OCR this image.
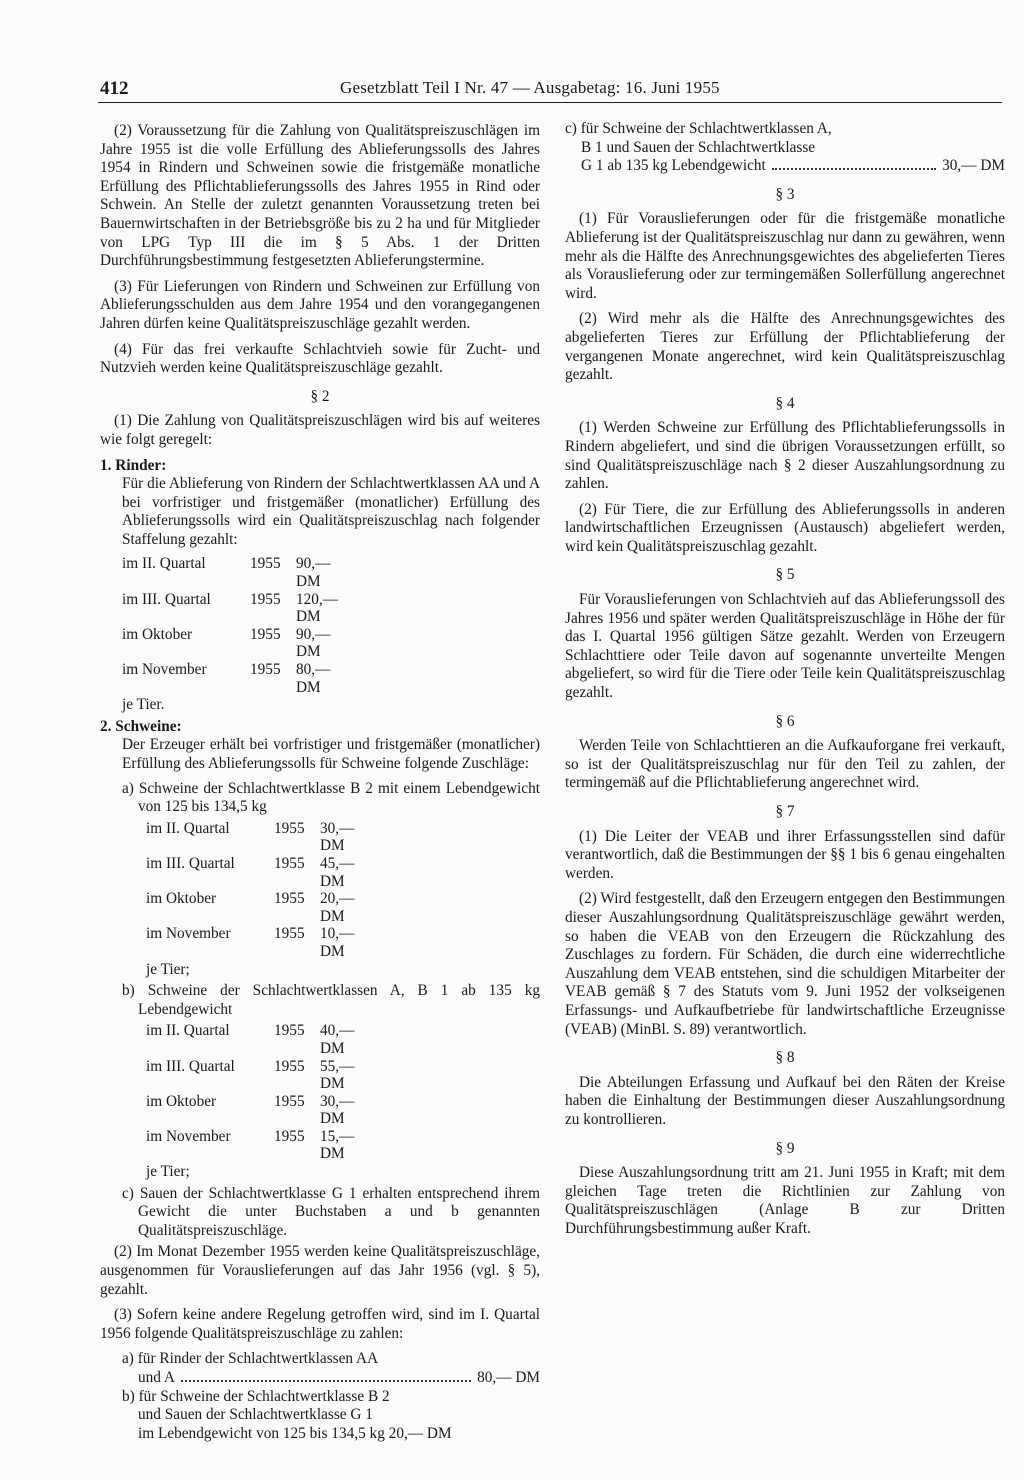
412	Gesetzblatt Teil I Nr. 47 — Ausgabetag: 16. Juni 1955

(2) Voraussetzung für die Zahlung von Qualitätspreiszuschlägen im Jahre 1955 ist die volle Erfüllung des Ablieferungssolls des Jahres 1954 in Rindern und Schweinen sowie die fristgemäße monatliche Erfüllung des Pflichtablieferungssolls des Jahres 1955 in Rind oder Schwein. An Stelle der zuletzt genannten Voraussetzung treten bei Bauernwirtschaften in der Betriebsgröße bis zu 2 ha und für Mitglieder von LPG Typ III die im § 5 Abs. 1 der Dritten Durchführungsbestimmung festgesetzten Ablieferungstermine.

(3) Für Lieferungen von Rindern und Schweinen zur Erfüllung von Ablieferungsschulden aus dem Jahre 1954 und den vorangegangenen Jahren dürfen keine Qualitätspreiszuschläge gezahlt werden.

(4) Für das frei verkaufte Schlachtvieh sowie für Zucht- und Nutzvieh werden keine Qualitätspreiszuschläge gezahlt.

§ 2

(1) Die Zahlung von Qualitätspreiszuschlägen wird bis auf weiteres wie folgt geregelt:

1. Rinder:
Für die Ablieferung von Rindern der Schlachtwertklassen AA und A bei vorfristiger und fristgemäßer (monatlicher) Erfüllung des Ablieferungssolls wird ein Qualitätspreiszuschlag nach folgender Staffelung gezahlt:
im II. Quartal	1955	90,— DM
im III. Quartal	1955	120,— DM
im Oktober	1955	90,— DM
im November	1955	80,— DM
je Tier.		
2. Schweine:
Der Erzeuger erhält bei vorfristiger und fristgemäßer (monatlicher) Erfüllung des Ablieferungssolls für Schweine folgende Zuschläge:
a) Schweine der Schlachtwertklasse B 2 mit einem Lebendgewicht von 125 bis 134,5 kg
im II. Quartal	1955	30,— DM
im III. Quartal	1955	45,— DM
im Oktober	1955	20,— DM
im November	1955	10,— DM
je Tier;		
b) Schweine der Schlachtwertklassen A, B 1 ab 135 kg Lebendgewicht
im II. Quartal	1955	40,— DM
im III. Quartal	1955	55,— DM
im Oktober	1955	30,— DM
im November	1955	15,— DM
je Tier;		
c) Sauen der Schlachtwertklasse G 1 erhalten entsprechend ihrem Gewicht die unter Buchstaben a und b genannten Qualitätspreiszuschläge.

(2) Im Monat Dezember 1955 werden keine Qualitätspreiszuschläge, ausgenommen für Vorauslieferungen auf das Jahr 1956 (vgl. § 5), gezahlt.

(3) Sofern keine andere Regelung getroffen wird, sind im I. Quartal 1956 folgende Qualitätspreiszuschläge zu zahlen:

a) für Rinder der Schlachtwertklassen AA
und A	80,— DM
b) für Schweine der Schlachtwertklasse B 2
und Sauen der Schlachtwertklasse G 1
im Lebendgewicht von 125 bis 134,5 kg 20,— DM
c) für Schweine der Schlachtwertklassen A,
B 1 und Sauen der Schlachtwertklasse
G 1 ab 135 kg Lebendgewicht	30,— DM
§ 3

(1) Für Vorauslieferungen oder für die fristgemäße monatliche Ablieferung ist der Qualitätspreiszuschlag nur dann zu gewähren, wenn mehr als die Hälfte des Anrechnungsgewichtes des abgelieferten Tieres als Vorauslieferung oder zur termingemäßen Sollerfüllung angerechnet wird.

(2) Wird mehr als die Hälfte des Anrechnungsgewichtes des abgelieferten Tieres zur Erfüllung der Pflichtablieferung der vergangenen Monate angerechnet, wird kein Qualitätspreiszuschlag gezahlt.

§ 4

(1) Werden Schweine zur Erfüllung des Pflichtablieferungssolls in Rindern abgeliefert, und sind die übrigen Voraussetzungen erfüllt, so sind Qualitätspreiszuschläge nach § 2 dieser Auszahlungsordnung zu zahlen.

(2) Für Tiere, die zur Erfüllung des Ablieferungssolls in anderen landwirtschaftlichen Erzeugnissen (Austausch) abgeliefert werden, wird kein Qualitätspreiszuschlag gezahlt.

§ 5

Für Vorauslieferungen von Schlachtvieh auf das Ablieferungssoll des Jahres 1956 und später werden Qualitätspreiszuschläge in Höhe der für das I. Quartal 1956 gültigen Sätze gezahlt. Werden von Erzeugern Schlachttiere oder Teile davon auf sogenannte unverteilte Mengen abgeliefert, so wird für die Tiere oder Teile kein Qualitätspreiszuschlag gezahlt.

§ 6

Werden Teile von Schlachttieren an die Aufkauforgane frei verkauft, so ist der Qualitätspreiszuschlag nur für den Teil zu zahlen, der termingemäß auf die Pflichtablieferung angerechnet wird.

§ 7

(1) Die Leiter der VEAB und ihrer Erfassungsstellen sind dafür verantwortlich, daß die Bestimmungen der §§ 1 bis 6 genau eingehalten werden.

(2) Wird festgestellt, daß den Erzeugern entgegen den Bestimmungen dieser Auszahlungsordnung Qualitätspreiszuschläge gewährt werden, so haben die VEAB von den Erzeugern die Rückzahlung des Zuschlages zu fordern. Für Schäden, die durch eine widerrechtliche Auszahlung dem VEAB entstehen, sind die schuldigen Mitarbeiter der VEAB gemäß § 7 des Statuts vom 9. Juni 1952 der volkseigenen Erfassungs- und Aufkaufbetriebe für landwirtschaftliche Erzeugnisse (VEAB) (MinBl. S. 89) verantwortlich.

§ 8

Die Abteilungen Erfassung und Aufkauf bei den Räten der Kreise haben die Einhaltung der Bestimmungen dieser Auszahlungsordnung zu kontrollieren.

§ 9

Diese Auszahlungsordnung tritt am 21. Juni 1955 in Kraft; mit dem gleichen Tage treten die Richtlinien zur Zahlung von Qualitätspreiszuschlägen (Anlage B zur Dritten Durchführungsbestimmung außer Kraft.
